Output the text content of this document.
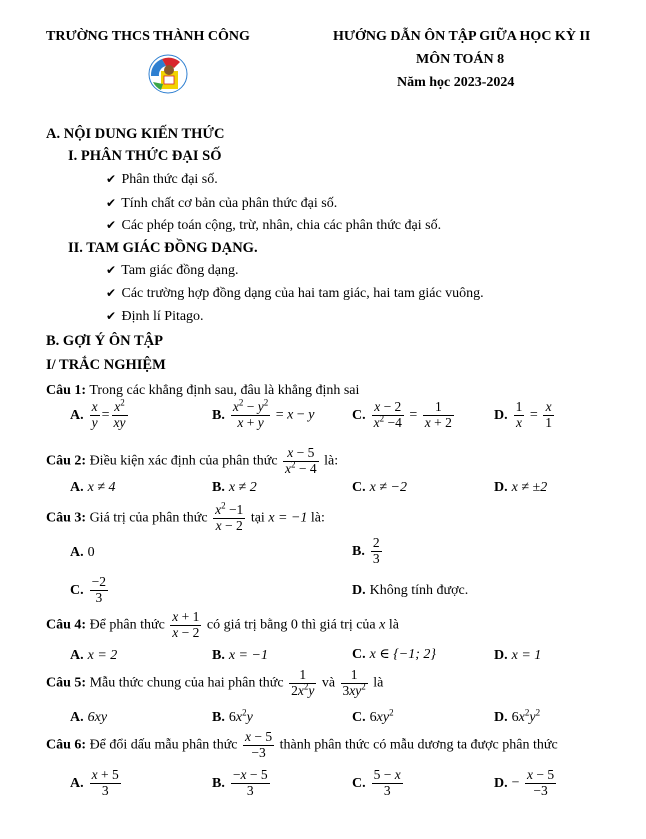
TRƯỜNG THCS THÀNH CÔNG	HƯỚNG DẪN ÔN TẬP GIỮA HỌC KỲ II
MÔN TOÁN 8
Năm học 2023-2024
A. NỘI DUNG KIẾN THỨC
I. PHÂN THỨC ĐẠI SỐ
✔ Phân thức đại số.
✔ Tính chất cơ bản của phân thức đại số.
✔ Các phép toán cộng, trừ, nhân, chia các phân thức đại số.
II. TAM GIÁC ĐỒNG DẠNG.
✔ Tam giác đồng dạng.
✔ Các trường hợp đồng dạng của hai tam giác, hai tam giác vuông.
✔ Định lí Pitago.
B. GỢI Ý ÔN TẬP
I/ TRẮC NGHIỆM
Câu 1: Trong các khẳng định sau, đâu là khẳng định sai
A. $\frac{x}{y} = \frac{x^2}{xy}$	B. $\frac{x^2 - y^2}{x + y} = x - y$	C. $\frac{x - 2}{x^2 -4} = \frac{1}{x + 2}$	D. $\frac{1}{x} = \frac{x}{1}$
Câu 2: Điều kiện xác định của phân thức $\frac{x - 5}{x^2 - 4}$ là:
A. x ≠ 4	B. x ≠ 2	C. x ≠ −2	D. x ≠ ±2
Câu 3: Giá trị của phân thức $\frac{x^2 -1}{x - 2}$ tại x = −1 là:
A. 0	B. $\frac{2}{3}$
C. $\frac{-2}{3}$	D. Không tính được.
Câu 4: Để phân thức $\frac{x + 1}{x - 2}$ có giá trị bằng 0 thì giá trị của x là
A. x = 2	B. x = −1	C. x ∈ {−1; 2}	D. x = 1
Câu 5: Mẫu thức chung của hai phân thức $\frac{1}{2x^2y}$ và $\frac{1}{3xy^2}$ là
A. 6xy	B. $6x^2y$	C. $6xy^2$	D. $6x^2y^2$
Câu 6: Để đổi dấu mẫu phân thức $\frac{x - 5}{-3}$ thành phân thức có mẫu dương ta được phân thức
A. $\frac{x + 5}{3}$	B. $\frac{-x - 5}{3}$	C. $\frac{5 - x}{3}$	D. − $\frac{x - 5}{-3}$
